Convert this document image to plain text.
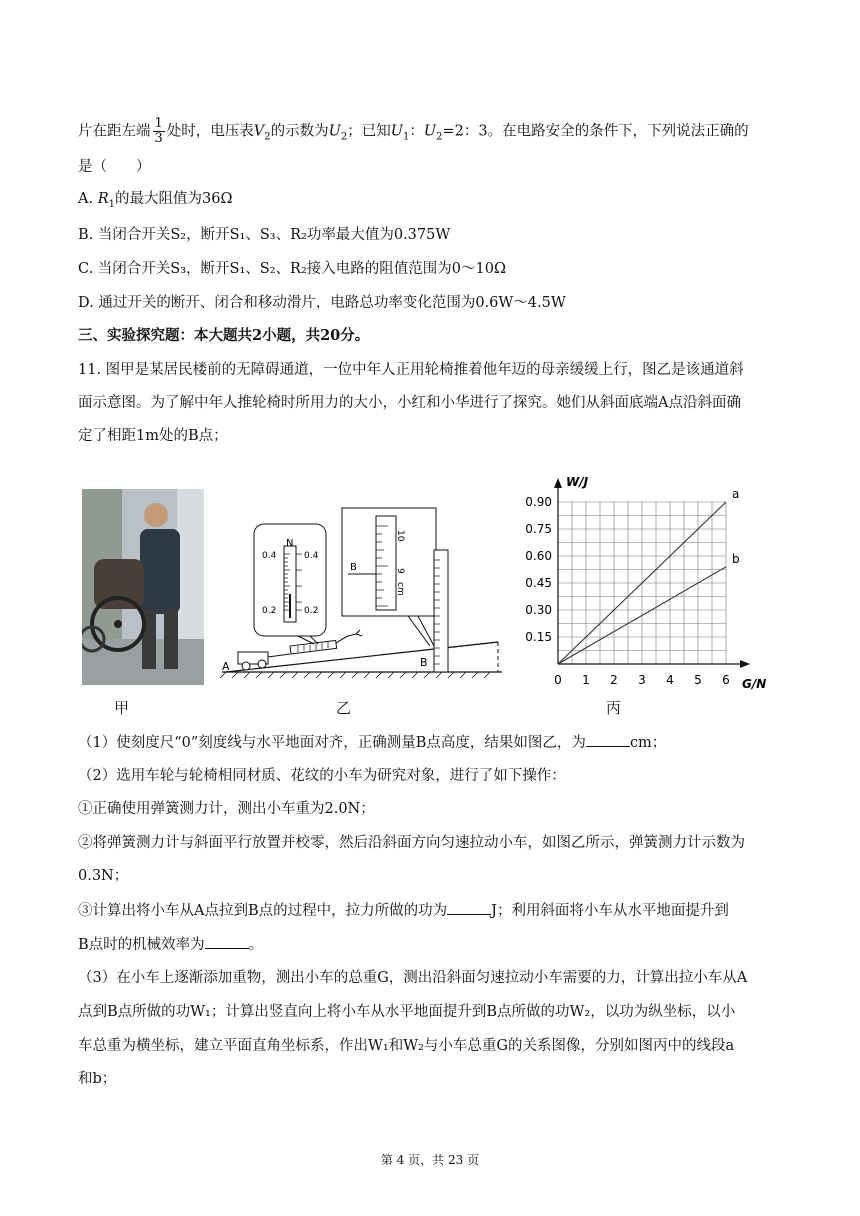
片在距左端 $\frac{1}{3}$ 处时，电压表$V_2$的示数为$U_2$；已知$U_1$：$U_2=2$：3。在电路安全的条件下，下列说法正确的
是（　　）
A. $R_1$的最大阻值为36Ω
B. 当闭合开关S₂，断开S₁、S₃、R₂功率最大值为0.375W
C. 当闭合开关S₃，断开S₁、S₂、R₂接入电路的阻值范围为0～10Ω
D. 通过开关的断开、闭合和移动滑片，电路总功率变化范围为0.6W～4.5W
三、实验探究题：本大题共2小题，共20分。
11. 图甲是某居民楼前的无障碍通道，一位中年人正用轮椅推着他年迈的母亲缓缓上行，图乙是该通道斜
面示意图。为了解中年人推轮椅时所用力的大小，小红和小华进行了探究。她们从斜面底端A点沿斜面确
定了相距1m处的B点；
N
0.4	0.4
0.2	0.2
B
10
9
cm
A	B
0 1 2 3 4 5 6
0.15
0.30
0.45
0.60
0.75
0.90
a
b
W/J
G/N
甲	乙	丙
（1）使刻度尺“0”刻度线与水平地面对齐，正确测量B点高度，结果如图乙，为	cm；
（2）选用车轮与轮椅相同材质、花纹的小车为研究对象，进行了如下操作：
①正确使用弹簧测力计，测出小车重为2.0N；
②将弹簧测力计与斜面平行放置并校零，然后沿斜面方向匀速拉动小车，如图乙所示，弹簧测力计示数为
0.3N；
③计算出将小车从A点拉到B点的过程中，拉力所做的功为	J；利用斜面将小车从水平地面提升到
B点时的机械效率为	。
（3）在小车上逐渐添加重物，测出小车的总重G，测出沿斜面匀速拉动小车需要的力，计算出拉小车从A
点到B点所做的功W₁；计算出竖直向上将小车从水平地面提升到B点所做的功W₂，以功为纵坐标，以小
车总重为横坐标，建立平面直角坐标系，作出W₁和W₂与小车总重G的关系图像，分别如图丙中的线段a
和b；
第 4 页，共 23 页
